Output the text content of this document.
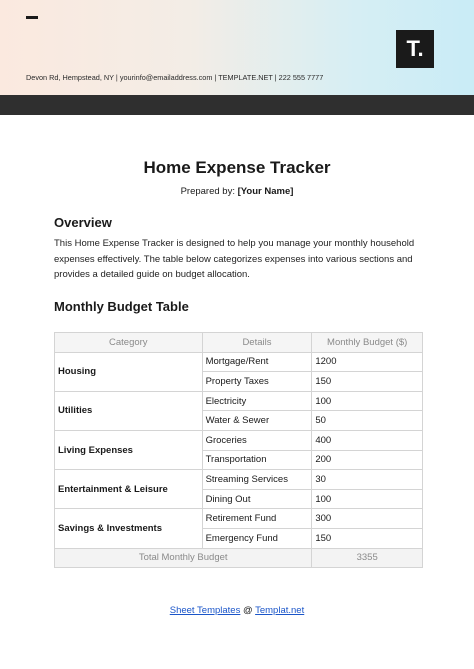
T.
Devon Rd, Hempstead, NY | yourinfo@emailaddress.com | TEMPLATE.NET | 222 555 7777
Home Expense Tracker
Prepared by: [Your Name]
Overview
This Home Expense Tracker is designed to help you manage your monthly household expenses effectively. The table below categorizes expenses into various sections and provides a detailed guide on budget allocation.
Monthly Budget Table
Category	Details	Monthly Budget ($)
Housing	Mortgage/Rent	1200
	Property Taxes	150
Utilities	Electricity	100
	Water & Sewer	50
Living Expenses	Groceries	400
	Transportation	200
Entertainment & Leisure	Streaming Services	30
	Dining Out	100
Savings & Investments	Retirement Fund	300
	Emergency Fund	150
Total Monthly Budget		3355
Sheet Templates @ Templat.net
